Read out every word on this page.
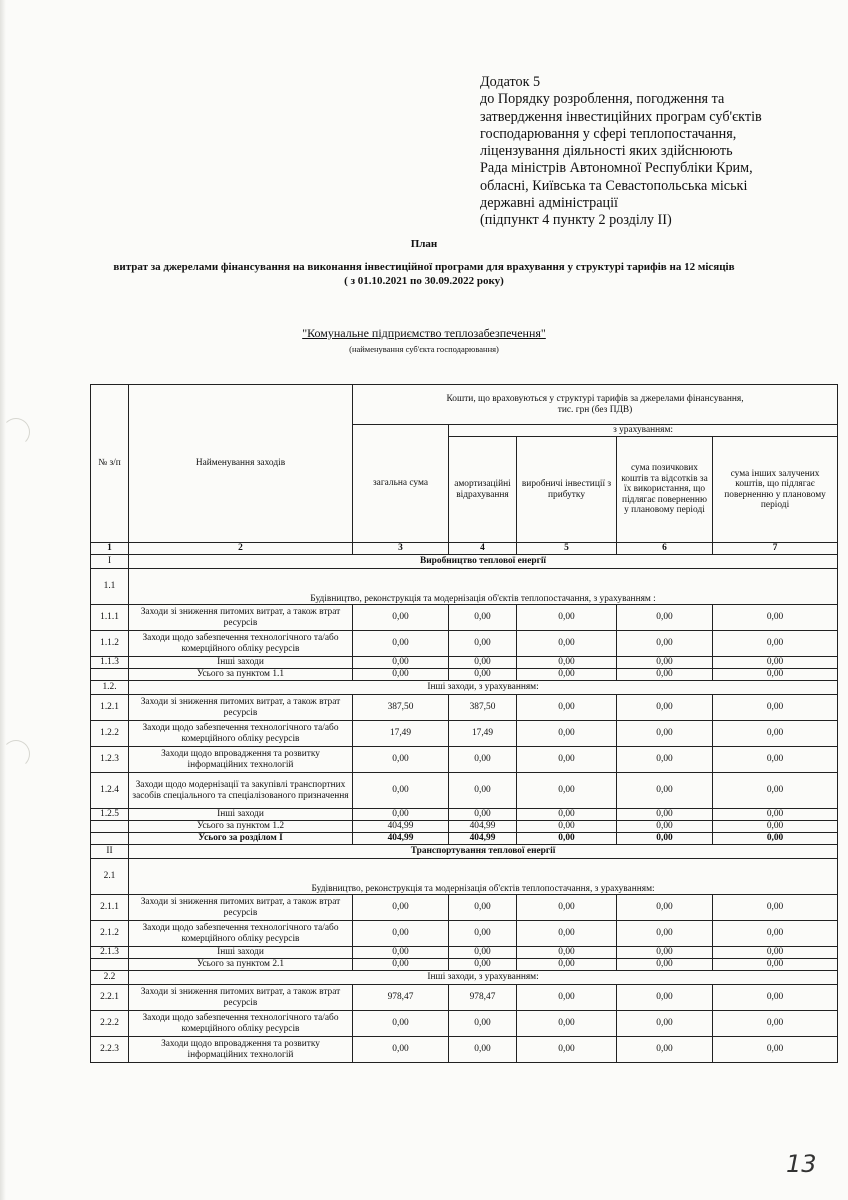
Додаток 5
до Порядку розроблення, погодження та
затвердження інвестиційних програм суб'єктів
господарювання у сфері теплопостачання,
ліцензування діяльності яких здійснюють
Рада міністрів Автономної Республіки Крим,
обласні, Київська та Севастопольська міські
державні адміністрації
(підпункт 4 пункту 2 розділу II)
План
витрат за джерелами фінансування на виконання інвестиційної програми для врахування у структурі тарифів на 12 місяців
( з 01.10.2021 по 30.09.2022 року)
"Комунальне підприємство теплозабезпечення"
(найменування суб'єкта господарювання)
№ з/п	Найменування заходів	Кошти, що враховуються у структурі тарифів за джерелами фінансування,
тис. грн (без ПДВ)				

		загальна сума	з урахуванням:			
			амортизаційні відрахування	виробничі інвестиції з прибутку	сума позичкових коштів та відсотків за їх використання, що підлягає поверненню у плановому періоді	сума інших залучених коштів, що підлягає поверненню у плановому періоді
1	2	3	4	5	6	7
I	Виробництво теплової енергії					
1.1	Будівництво, реконструкція та модернізація об'єктів теплопостачання, з урахуванням :					
1.1.1	Заходи зі зниження питомих витрат, а також втрат ресурсів	0,00	0,00	0,00	0,00	0,00
1.1.2	Заходи щодо забезпечення технологічного та/або комерційного обліку ресурсів	0,00	0,00	0,00	0,00	0,00
1.1.3	Інші заходи	0,00	0,00	0,00	0,00	0,00
	Усього за пунктом 1.1	0,00	0,00	0,00	0,00	0,00
1.2.	Інші заходи, з урахуванням:					
1.2.1	Заходи зі зниження питомих витрат, а також втрат ресурсів	387,50	387,50	0,00	0,00	0,00
1.2.2	Заходи щодо забезпечення технологічного та/або комерційного обліку ресурсів	17,49	17,49	0,00	0,00	0,00
1.2.3	Заходи щодо впровадження та розвитку інформаційних технологій	0,00	0,00	0,00	0,00	0,00
1.2.4	Заходи щодо модернізації та закупівлі транспортних засобів спеціального та спеціалізованого призначення	0,00	0,00	0,00	0,00	0,00
1.2.5	Інші заходи	0,00	0,00	0,00	0,00	0,00
	Усього за пунктом 1.2	404,99	404,99	0,00	0,00	0,00
	Усього за розділом I	404,99	404,99	0,00	0,00	0,00
II	Транспортування теплової енергії					
2.1	Будівництво, реконструкція та модернізація об'єктів теплопостачання, з урахуванням:					
2.1.1	Заходи зі зниження питомих витрат, а також втрат ресурсів	0,00	0,00	0,00	0,00	0,00
2.1.2	Заходи щодо забезпечення технологічного та/або комерційного обліку ресурсів	0,00	0,00	0,00	0,00	0,00
2.1.3	Інші заходи	0,00	0,00	0,00	0,00	0,00
	Усього за пунктом 2.1	0,00	0,00	0,00	0,00	0,00
2.2	Інші заходи, з урахуванням:					
2.2.1	Заходи зі зниження питомих витрат, а також втрат ресурсів	978,47	978,47	0,00	0,00	0,00
2.2.2	Заходи щодо забезпечення технологічного та/або комерційного обліку ресурсів	0,00	0,00	0,00	0,00	0,00
2.2.3	Заходи щодо впровадження та розвитку інформаційних технологій	0,00	0,00	0,00	0,00	0,00
13
